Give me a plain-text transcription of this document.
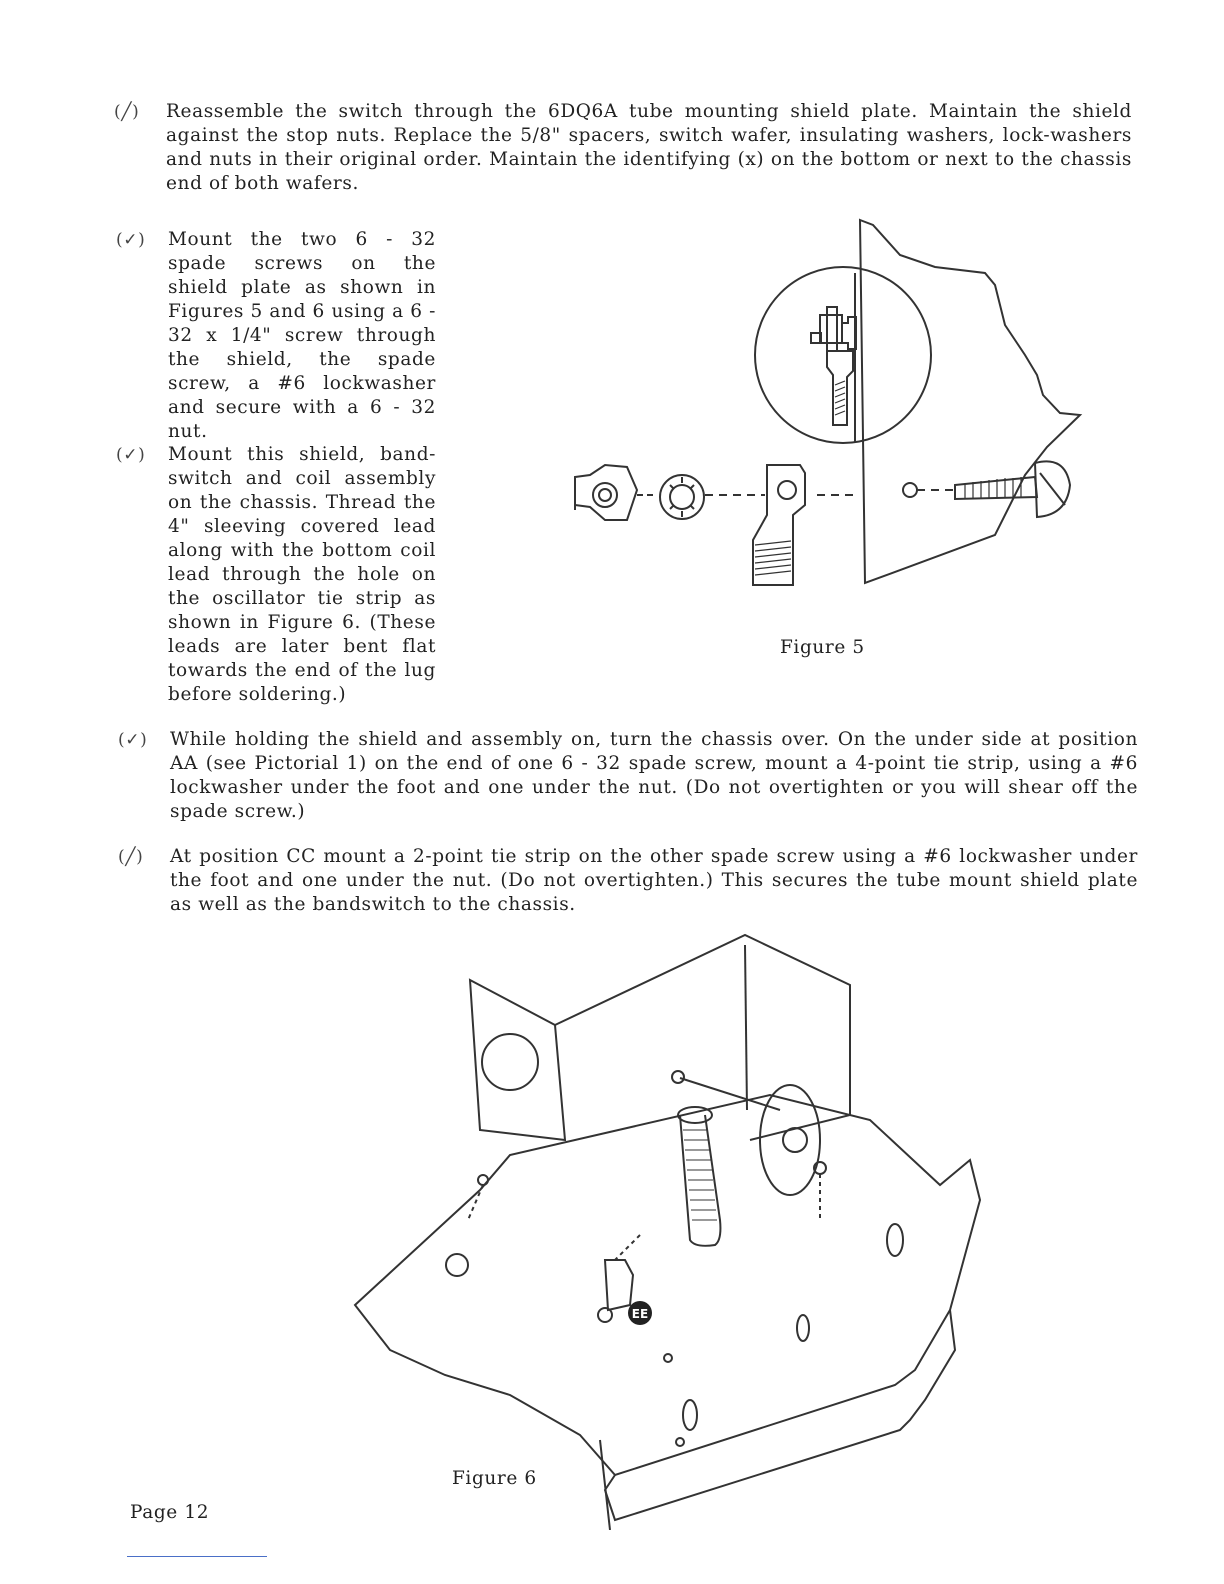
(╱) Reassemble the switch through the 6DQ6A tube mounting shield plate. Maintain the shield against the stop nuts. Replace the 5/8" spacers, switch wafer, insulating washers, lock-washers and nuts in their original order. Maintain the identifying (x) on the bottom or next to the chassis end of both wafers.

(✓) Mount the two 6 - 32 spade screws on the shield plate as shown in Figures 5 and 6 using a 6 - 32 x 1/4" screw through the shield, the spade screw, a #6 lockwasher and secure with a 6 - 32 nut.

(✓) Mount this shield, band-switch and coil assembly on the chassis. Thread the 4" sleeving covered lead along with the bottom coil lead through the hole on the oscillator tie strip as shown in Figure 6. (These leads are later bent flat towards the end of the lug before soldering.)

(✓) While holding the shield and assembly on, turn the chassis over. On the under side at position AA (see Pictorial 1) on the end of one 6 - 32 spade screw, mount a 4-point tie strip, using a #6 lockwasher under the foot and one under the nut. (Do not overtighten or you will shear off the spade screw.)

(╱) At position CC mount a 2-point tie strip on the other spade screw using a #6 lockwasher under the foot and one under the nut. (Do not overtighten.) This secures the tube mount shield plate as well as the bandswitch to the chassis.

Figure 5
EE
Figure 6
Page 12
